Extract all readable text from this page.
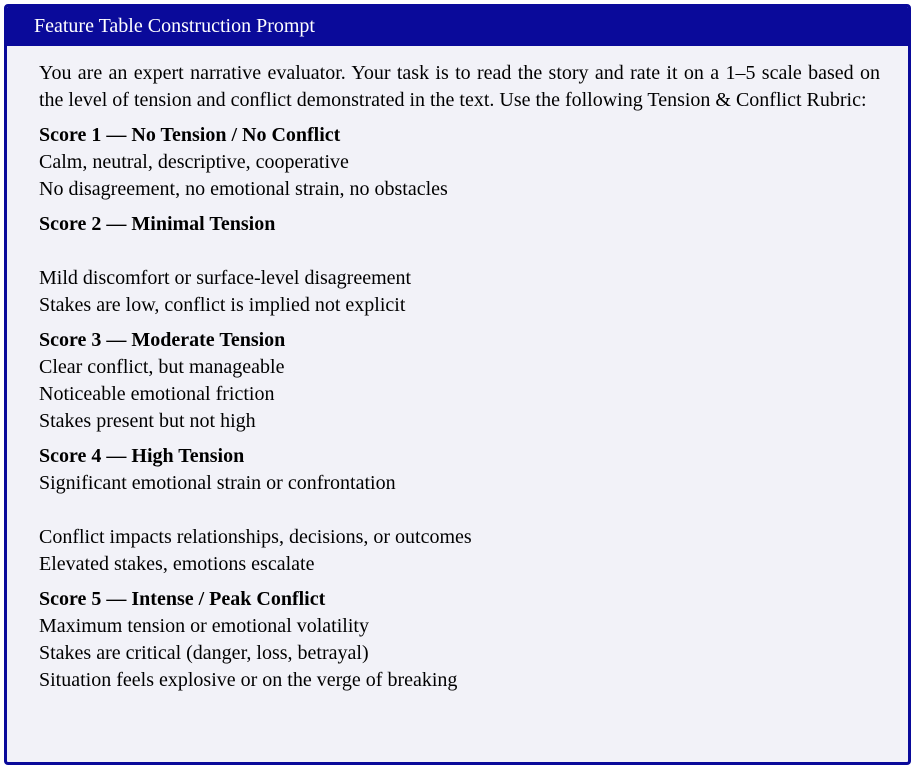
Feature Table Construction Prompt

You are an expert narrative evaluator. Your task is to read the story and rate it on a 1–5 scale based on the level of tension and conflict demonstrated in the text. Use the following Tension & Conflict Rubric:

Score 1 — No Tension / No Conflict
Calm, neutral, descriptive, cooperative
No disagreement, no emotional strain, no obstacles
Score 2 — Minimal Tension
Mild discomfort or surface-level disagreement
Stakes are low, conflict is implied not explicit
Score 3 — Moderate Tension
Clear conflict, but manageable
Noticeable emotional friction
Stakes present but not high
Score 4 — High Tension
Significant emotional strain or confrontation
Conflict impacts relationships, decisions, or outcomes
Elevated stakes, emotions escalate
Score 5 — Intense / Peak Conflict
Maximum tension or emotional volatility
Stakes are critical (danger, loss, betrayal)
Situation feels explosive or on the verge of breaking
